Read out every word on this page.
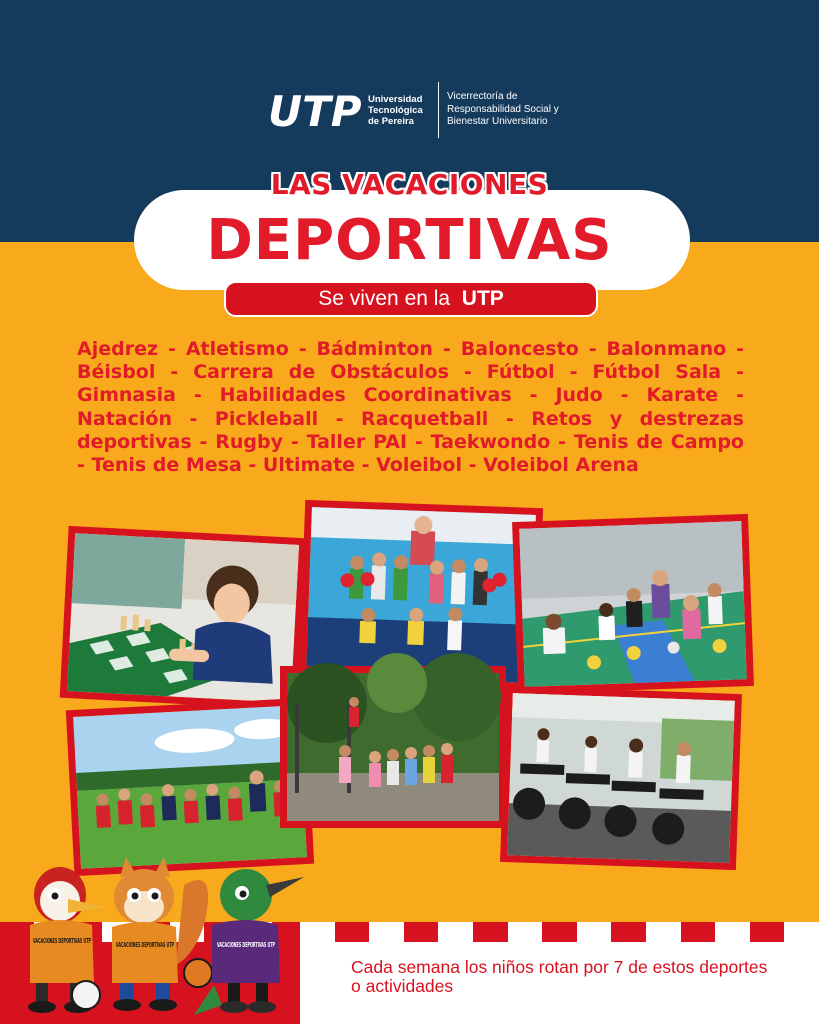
UTP Universidad Tecnológica de Pereira
Vicerrectoría de Responsabilidad Social y Bienestar Universitario
LAS VACACIONES
DEPORTIVAS
Se viven en la  UTP
Ajedrez - Atletismo - Bádminton - Baloncesto - Balonmano - Béisbol - Carrera de Obstáculos - Fútbol - Fútbol Sala - Gimnasia - Habilidades Coordinativas - Judo - Karate - Natación - Pickleball - Racquetball - Retos y destrezas deportivas - Rugby - Taller PAI - Taekwondo - Tenis de Campo - Tenis de Mesa - Ultimate - Voleibol - Voleibol Arena
Cada semana los niños rotan por 7 de estos deportes o actividades
VACACIONES DEPORTIVAS UTP	VACACIONES DEPORTIVAS UTP	VACACIONES DEPORTIVAS UTP
